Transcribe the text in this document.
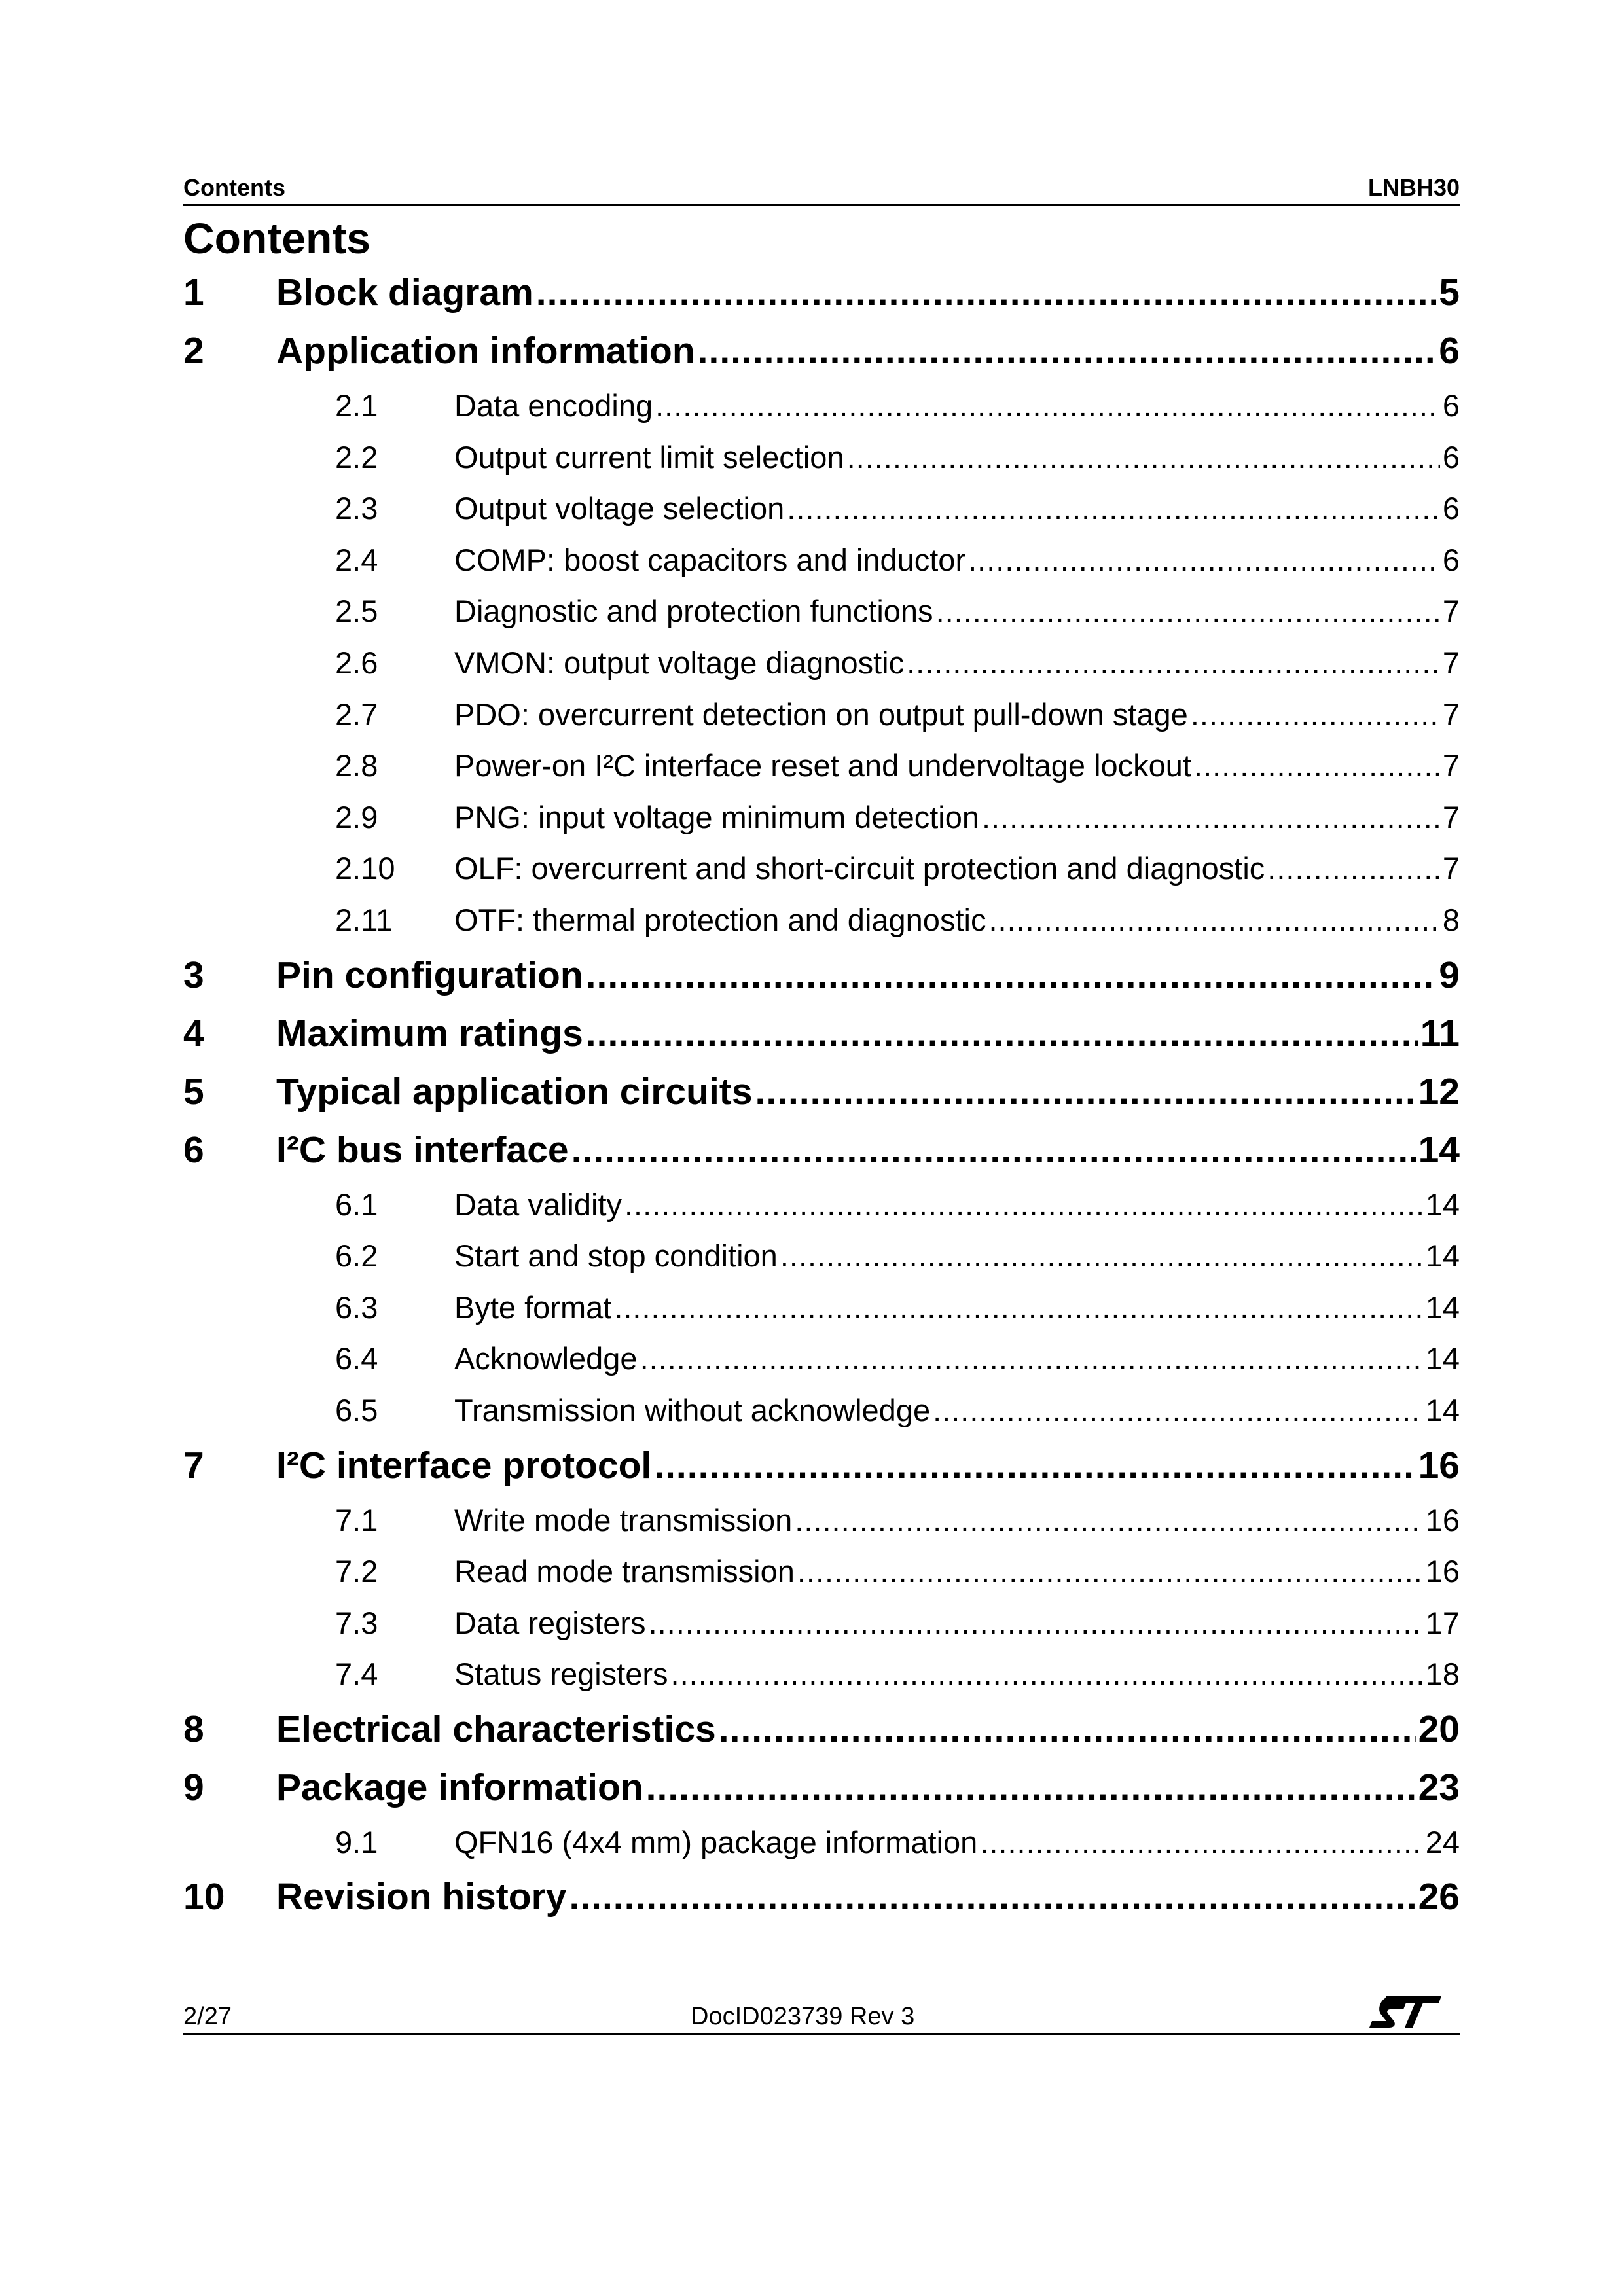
Contents	LNBH30
Contents
1	Block diagram .....	5
2	Application information .....	6
2.1	Data encoding .....	6
2.2	Output current limit selection .....	6
2.3	Output voltage selection .....	6
2.4	COMP: boost capacitors and inductor .....	6
2.5	Diagnostic and protection functions .....	7
2.6	VMON: output voltage diagnostic .....	7
2.7	PDO: overcurrent detection on output pull-down stage .....	7
2.8	Power-on I²C interface reset and undervoltage lockout .....	7
2.9	PNG: input voltage minimum detection .....	7
2.10	OLF: overcurrent and short-circuit protection and diagnostic .....	7
2.11	OTF: thermal protection and diagnostic .....	8
3	Pin configuration .....	9
4	Maximum ratings .....	11
5	Typical application circuits .....	12
6	I²C bus interface .....	14
6.1	Data validity .....	14
6.2	Start and stop condition .....	14
6.3	Byte format .....	14
6.4	Acknowledge .....	14
6.5	Transmission without acknowledge .....	14
7	I²C interface protocol .....	16
7.1	Write mode transmission .....	16
7.2	Read mode transmission .....	16
7.3	Data registers .....	17
7.4	Status registers .....	18
8	Electrical characteristics .....	20
9	Package information .....	23
9.1	QFN16 (4x4 mm) package information .....	24
10	Revision history .....	26
2/27	DocID023739 Rev 3
